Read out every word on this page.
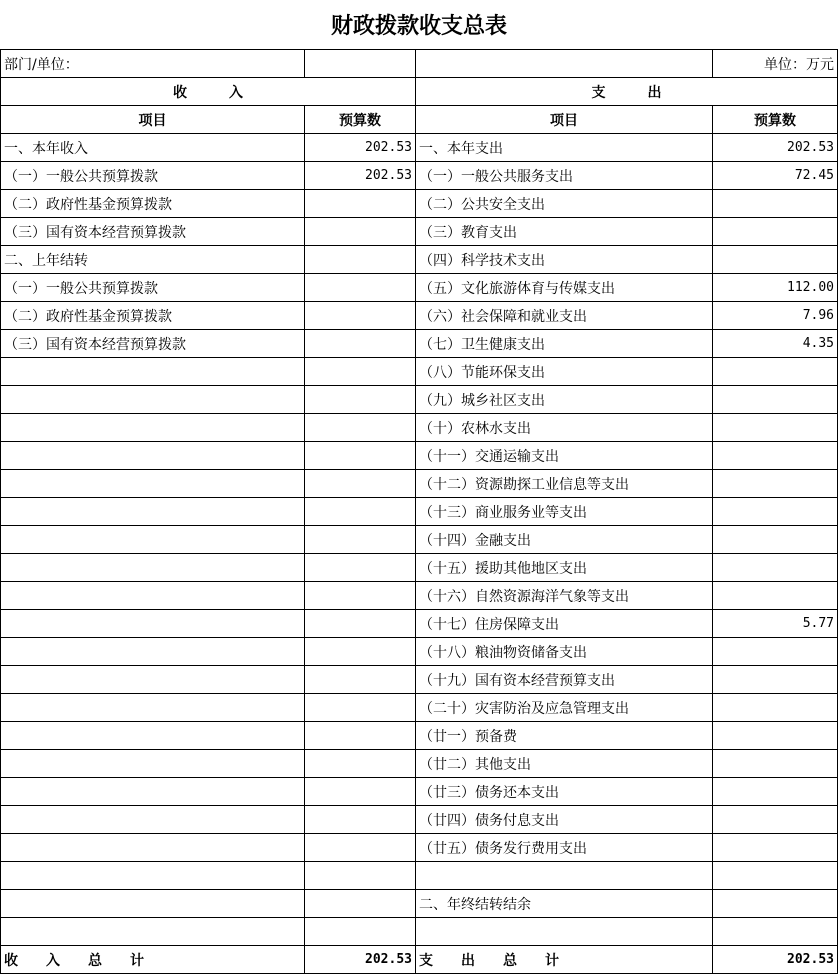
财政拨款收支总表			
部门/单位：			单位：万元
收　　　入		支　　　出	
项目	预算数	项目	预算数
一、本年收入	202.53	一、本年支出	202.53
（一）一般公共预算拨款	202.53	（一）一般公共服务支出	72.45
（二）政府性基金预算拨款		（二）公共安全支出	
（三）国有资本经营预算拨款		（三）教育支出	
二、上年结转		（四）科学技术支出	
（一）一般公共预算拨款		（五）文化旅游体育与传媒支出	112.00
（二）政府性基金预算拨款		（六）社会保障和就业支出	7.96
（三）国有资本经营预算拨款		（七）卫生健康支出	4.35
		（八）节能环保支出	
		（九）城乡社区支出	
		（十）农林水支出	
		（十一）交通运输支出	
		（十二）资源勘探工业信息等支出	
		（十三）商业服务业等支出	
		（十四）金融支出	
		（十五）援助其他地区支出	
		（十六）自然资源海洋气象等支出	
		（十七）住房保障支出	5.77
		（十八）粮油物资储备支出	
		（十九）国有资本经营预算支出	
		（二十）灾害防治及应急管理支出	
		（廿一）预备费	
		（廿二）其他支出	
		（廿三）债务还本支出	
		（廿四）债务付息支出	
		（廿五）债务发行费用支出	

		二、年终结转结余	

收　　入　　总　　计	202.53	支　　出　　总　　计	202.53
